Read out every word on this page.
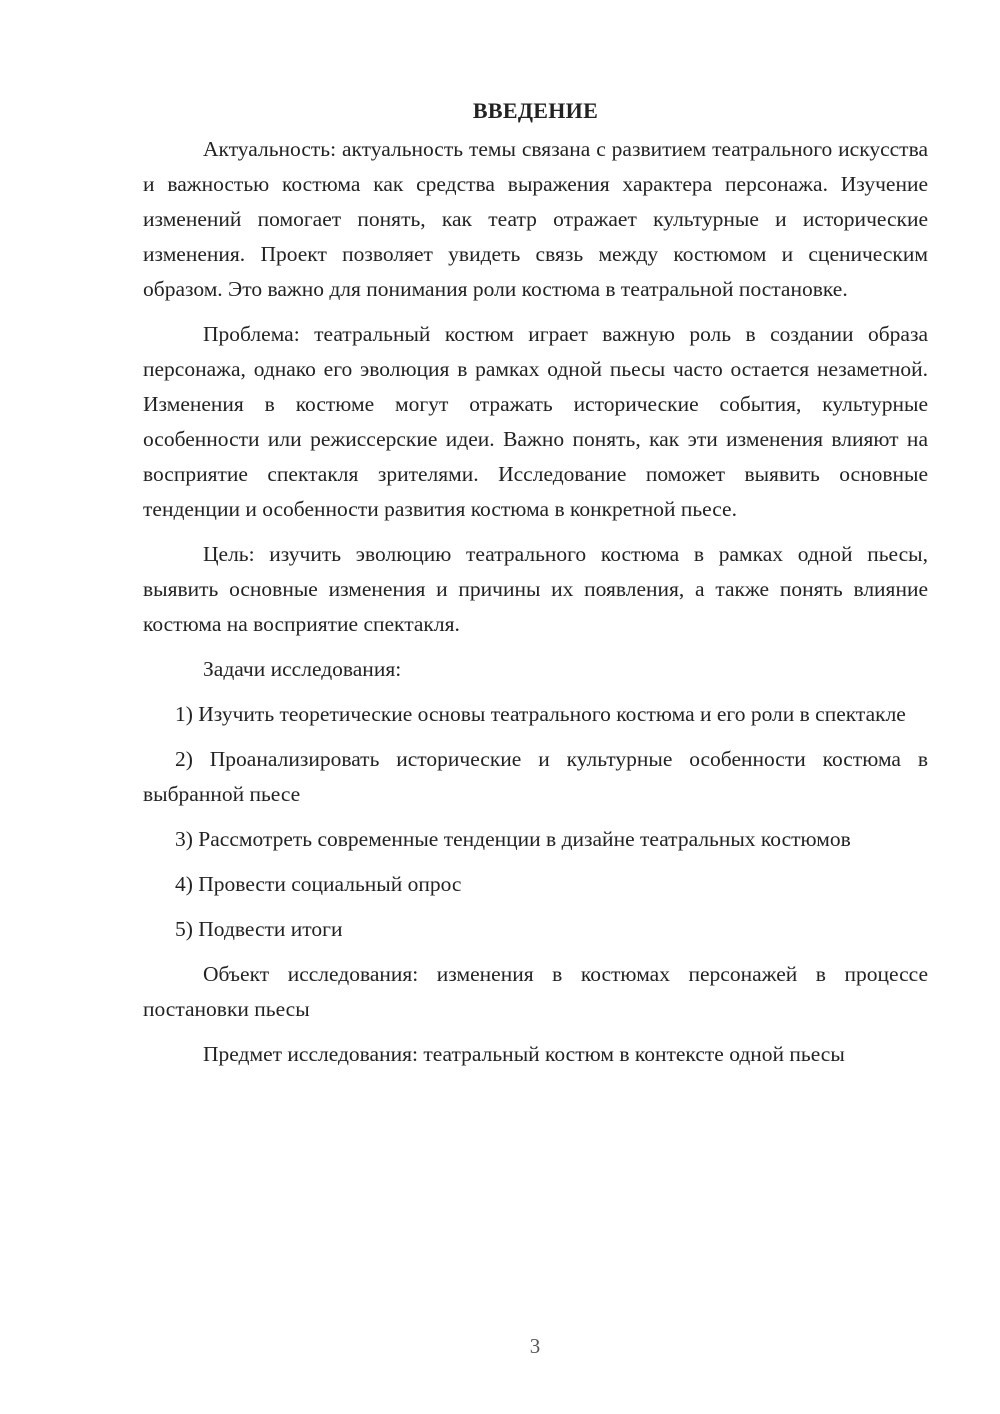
ВВЕДЕНИЕ

Актуальность: актуальность темы связана с развитием театрального искусства и важностью костюма как средства выражения характера персонажа. Изучение изменений помогает понять, как театр отражает культурные и исторические изменения. Проект позволяет увидеть связь между костюмом и сценическим образом. Это важно для понимания роли костюма в театральной постановке.

Проблема: театральный костюм играет важную роль в создании образа персонажа, однако его эволюция в рамках одной пьесы часто остается незаметной. Изменения в костюме могут отражать исторические события, культурные особенности или режиссерские идеи. Важно понять, как эти изменения влияют на восприятие спектакля зрителями. Исследование поможет выявить основные тенденции и особенности развития костюма в конкретной пьесе.

Цель: изучить эволюцию театрального костюма в рамках одной пьесы, выявить основные изменения и причины их появления, а также понять влияние костюма на восприятие спектакля.

Задачи исследования:

1) Изучить теоретические основы театрального костюма и его роли в спектакле

2) Проанализировать исторические и культурные особенности костюма в выбранной пьесе

3) Рассмотреть современные тенденции в дизайне театральных костюмов

4) Провести социальный опрос

5) Подвести итоги

Объект исследования: изменения в костюмах персонажей в процессе постановки пьесы

Предмет исследования: театральный костюм в контексте одной пьесы

3
